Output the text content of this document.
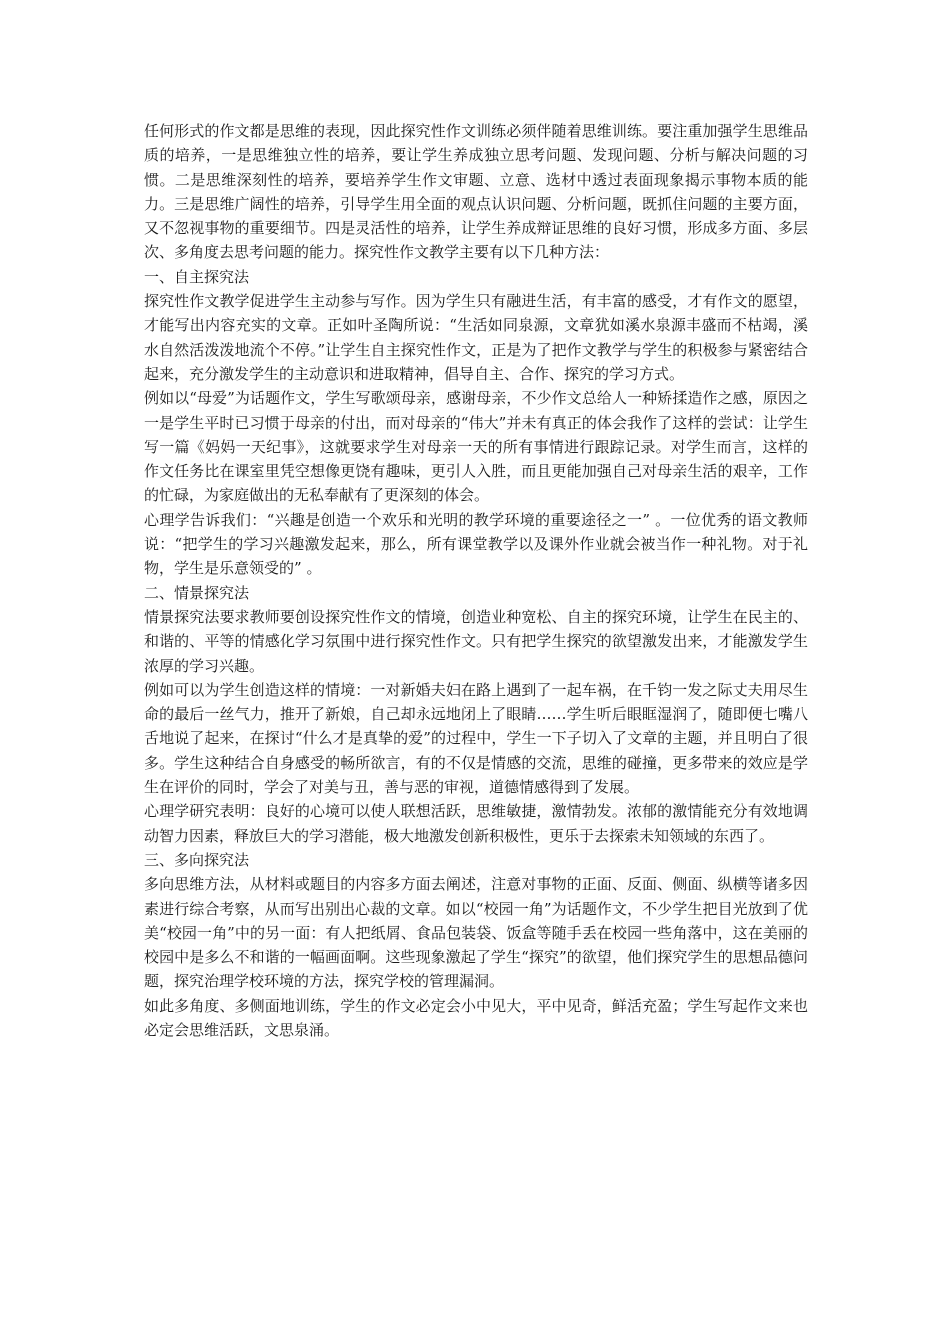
任何形式的作文都是思维的表现，因此探究性作文训练必须伴随着思维训练。要注重加强学生思维品质的培养，一是思维独立性的培养，要让学生养成独立思考问题、发现问题、分析与解决问题的习惯。二是思维深刻性的培养，要培养学生作文审题、立意、选材中透过表面现象揭示事物本质的能力。三是思维广阔性的培养，引导学生用全面的观点认识问题、分析问题，既抓住问题的主要方面，又不忽视事物的重要细节。四是灵活性的培养，让学生养成辩证思维的良好习惯，形成多方面、多层次、多角度去思考问题的能力。探究性作文教学主要有以下几种方法：

一、自主探究法

探究性作文教学促进学生主动参与写作。因为学生只有融进生活，有丰富的感受，才有作文的愿望，才能写出内容充实的文章。正如叶圣陶所说：“生活如同泉源，文章犹如溪水泉源丰盛而不枯竭，溪水自然活泼泼地流个不停。”让学生自主探究性作文，正是为了把作文教学与学生的积极参与紧密结合起来，充分激发学生的主动意识和进取精神，倡导自主、合作、探究的学习方式。

例如以“母爱”为话题作文，学生写歌颂母亲，感谢母亲，不少作文总给人一种矫揉造作之感，原因之一是学生平时已习惯于母亲的付出，而对母亲的“伟大”并未有真正的体会我作了这样的尝试：让学生写一篇《妈妈一天纪事》，这就要求学生对母亲一天的所有事情进行跟踪记录。对学生而言，这样的作文任务比在课室里凭空想像更饶有趣味，更引人入胜，而且更能加强自己对母亲生活的艰辛，工作的忙碌，为家庭做出的无私奉献有了更深刻的体会。

心理学告诉我们：“兴趣是创造一个欢乐和光明的教学环境的重要途径之一” 。一位优秀的语文教师说：“把学生的学习兴趣激发起来，那么，所有课堂教学以及课外作业就会被当作一种礼物。对于礼物，学生是乐意领受的” 。

二、情景探究法

情景探究法要求教师要创设探究性作文的情境，创造业种宽松、自主的探究环境，让学生在民主的、和谐的、平等的情感化学习氛围中进行探究性作文。只有把学生探究的欲望激发出来，才能激发学生浓厚的学习兴趣。

例如可以为学生创造这样的情境：一对新婚夫妇在路上遇到了一起车祸，在千钧一发之际丈夫用尽生命的最后一丝气力，推开了新娘，自己却永远地闭上了眼睛……学生听后眼眶湿润了，随即便七嘴八舌地说了起来，在探讨“什么才是真挚的爱”的过程中，学生一下子切入了文章的主题，并且明白了很多。学生这种结合自身感受的畅所欲言，有的不仅是情感的交流，思维的碰撞，更多带来的效应是学生在评价的同时，学会了对美与丑，善与恶的审视，道德情感得到了发展。

心理学研究表明：良好的心境可以使人联想活跃，思维敏捷，激情勃发。浓郁的激情能充分有效地调动智力因素，释放巨大的学习潜能，极大地激发创新积极性，更乐于去探索未知领域的东西了。

三、多向探究法

多向思维方法，从材料或题目的内容多方面去阐述，注意对事物的正面、反面、侧面、纵横等诸多因素进行综合考察，从而写出别出心裁的文章。如以“校园一角”为话题作文，不少学生把目光放到了优美“校园一角”中的另一面：有人把纸屑、食品包装袋、饭盒等随手丢在校园一些角落中，这在美丽的校园中是多么不和谐的一幅画面啊。这些现象激起了学生“探究”的欲望，他们探究学生的思想品德问题，探究治理学校环境的方法，探究学校的管理漏洞。

如此多角度、多侧面地训练，学生的作文必定会小中见大，平中见奇，鲜活充盈；学生写起作文来也必定会思维活跃，文思泉涌。
